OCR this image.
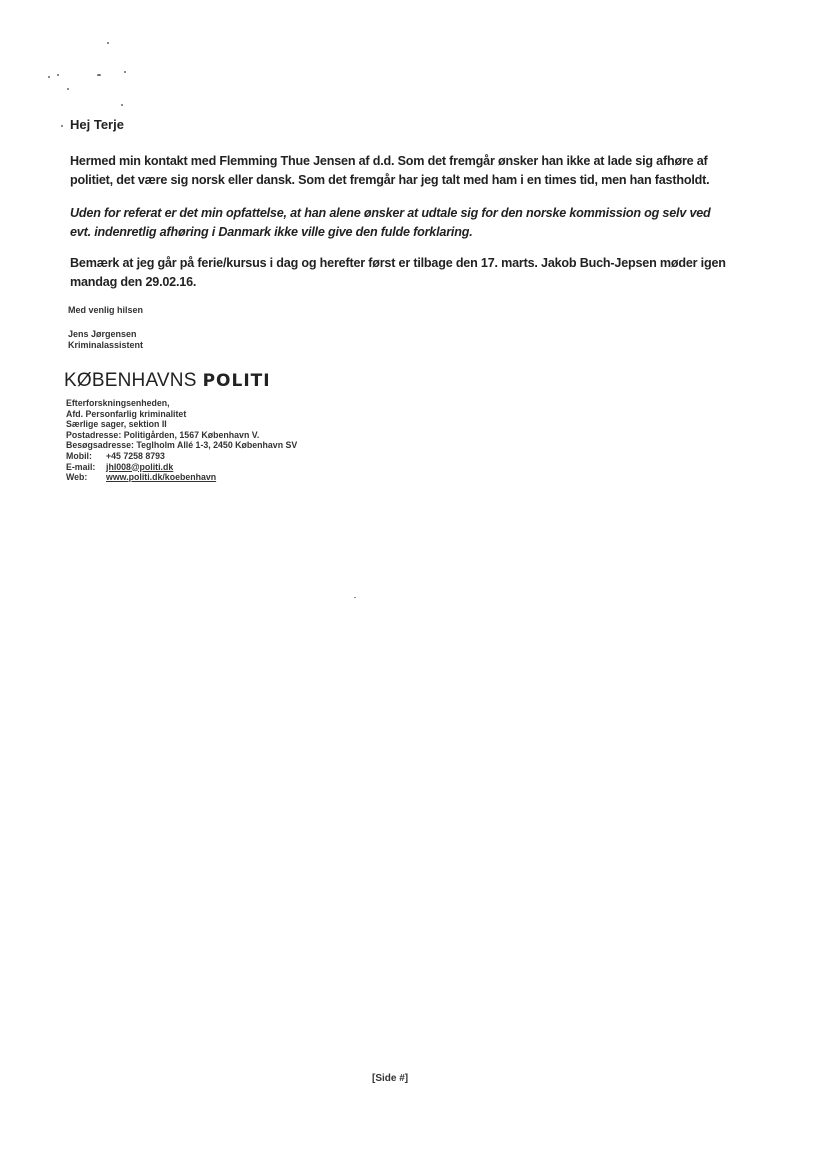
Hej Terje
Hermed min kontakt med Flemming Thue Jensen af d.d. Som det fremgår ønsker han ikke at lade sig afhøre af politiet, det være sig norsk eller dansk. Som det fremgår har jeg talt med ham i en times tid, men han fastholdt.
Uden for referat er det min opfattelse, at han alene ønsker at udtale sig for den norske kommission og selv ved evt. indenretlig afhøring i Danmark ikke ville give den fulde forklaring.
Bemærk at jeg går på ferie/kursus i dag og herefter først er tilbage den 17. marts. Jakob Buch-Jepsen møder igen mandag den 29.02.16.
Med venlig hilsen
Jens Jørgensen
Kriminalassistent
KØBENHAVNS POLITI
Efterforskningsenheden,
Afd. Personfarlig kriminalitet
Særlige sager, sektion II
Postadresse: Politigården, 1567 København V.
Besøgsadresse: Teglholm Allé 1-3, 2450 København SV
Mobil: +45 7258 8793
E-mail: jhl008@politi.dk
Web: www.politi.dk/koebenhavn
[Side #]
